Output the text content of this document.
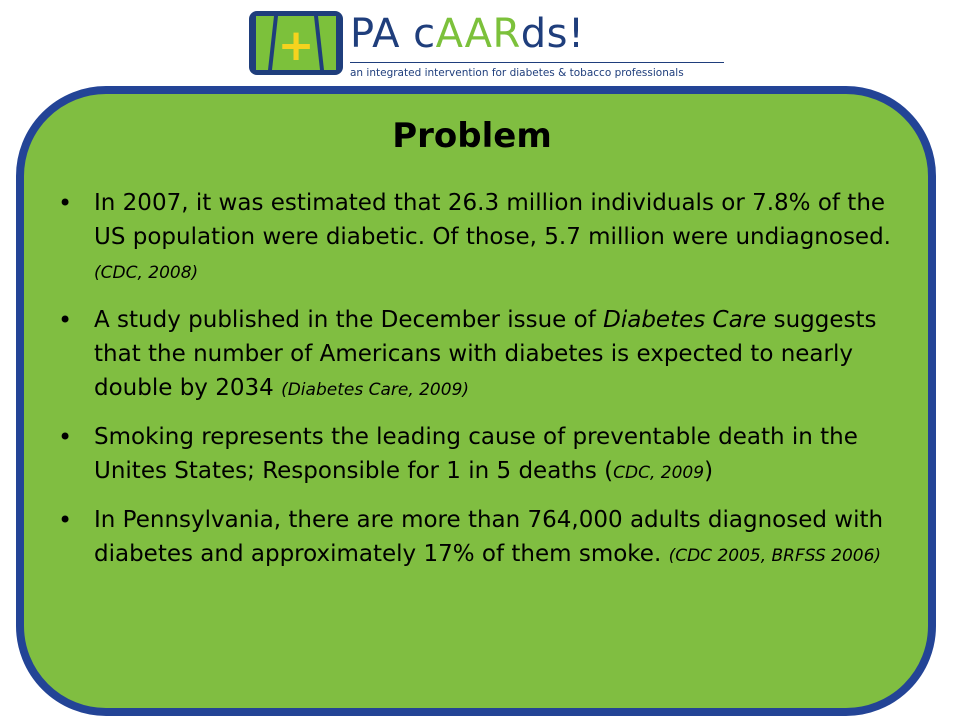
+ PA cAARds!
an integrated intervention for diabetes & tobacco professionals
Problem
• In 2007, it was estimated that 26.3 million individuals or 7.8% of the US population were diabetic. Of those, 5.7 million were undiagnosed. (CDC, 2008)
• A study published in the December issue of Diabetes Care suggests that the number of Americans with diabetes is expected to nearly double by 2034 (Diabetes Care, 2009)
• Smoking represents the leading cause of preventable death in the Unites States; Responsible for 1 in 5 deaths (CDC, 2009)
• In Pennsylvania, there are more than 764,000 adults diagnosed with diabetes and approximately 17% of them smoke. (CDC 2005, BRFSS 2006)
